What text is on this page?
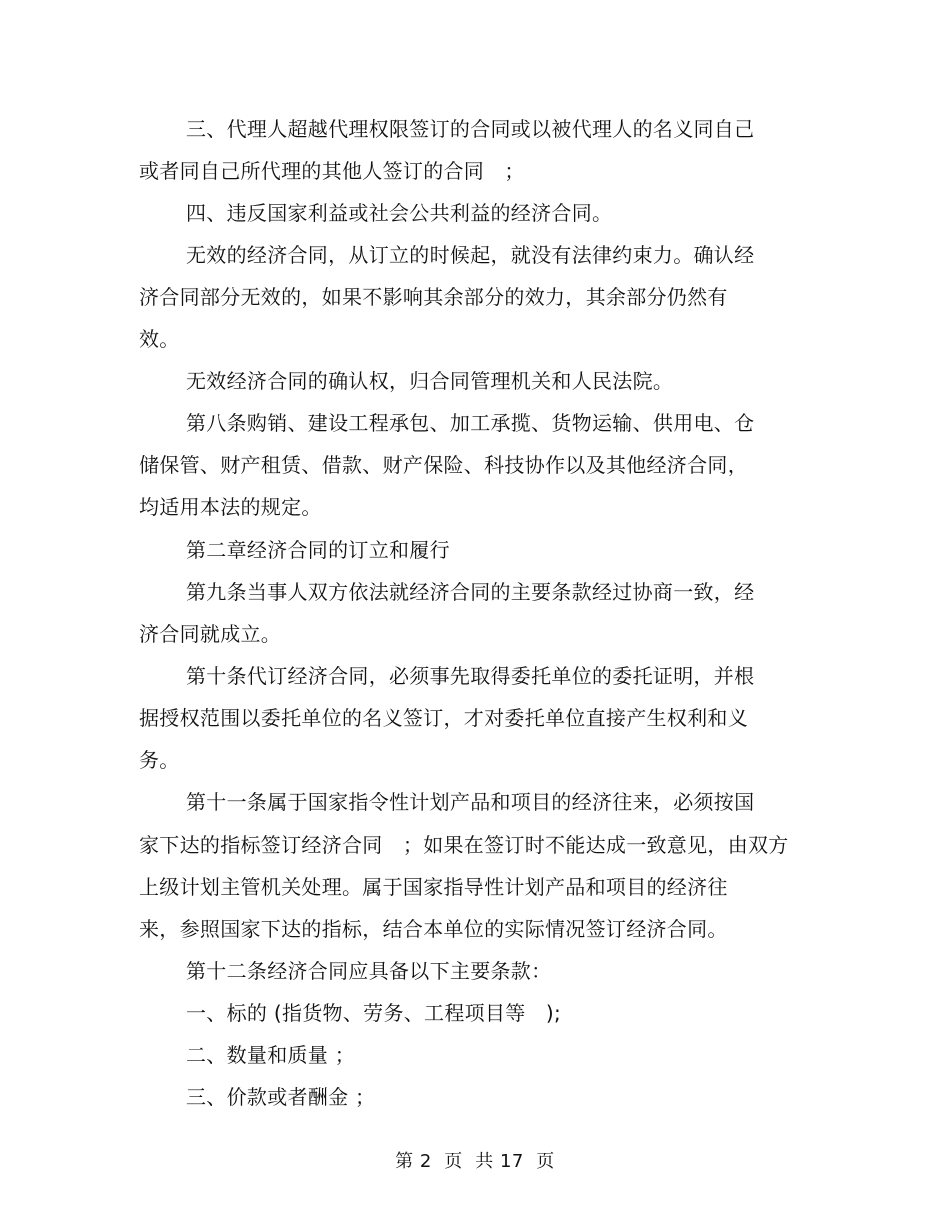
三、代理人超越代理权限签订的合同或以被代理人的名义同自己
或者同自己所代理的其他人签订的合同　；
四、违反国家利益或社会公共利益的经济合同。
无效的经济合同，从订立的时候起，就没有法律约束力。确认经
济合同部分无效的，如果不影响其余部分的效力，其余部分仍然有
效。
无效经济合同的确认权，归合同管理机关和人民法院。
第八条购销、建设工程承包、加工承揽、货物运输、供用电、仓
储保管、财产租赁、借款、财产保险、科技协作以及其他经济合同，
均适用本法的规定。
第二章经济合同的订立和履行
第九条当事人双方依法就经济合同的主要条款经过协商一致，经
济合同就成立。
第十条代订经济合同，必须事先取得委托单位的委托证明，并根
据授权范围以委托单位的名义签订，才对委托单位直接产生权利和义
务。
第十一条属于国家指令性计划产品和项目的经济往来，必须按国
家下达的指标签订经济合同　；如果在签订时不能达成一致意见，由双方
上级计划主管机关处理。属于国家指导性计划产品和项目的经济往
来，参照国家下达的指标，结合本单位的实际情况签订经济合同。
第十二条经济合同应具备以下主要条款：
一、标的 (指货物、劳务、工程项目等　);
二、数量和质量 ；
三、价款或者酬金 ；
第 2  页  共 17  页
